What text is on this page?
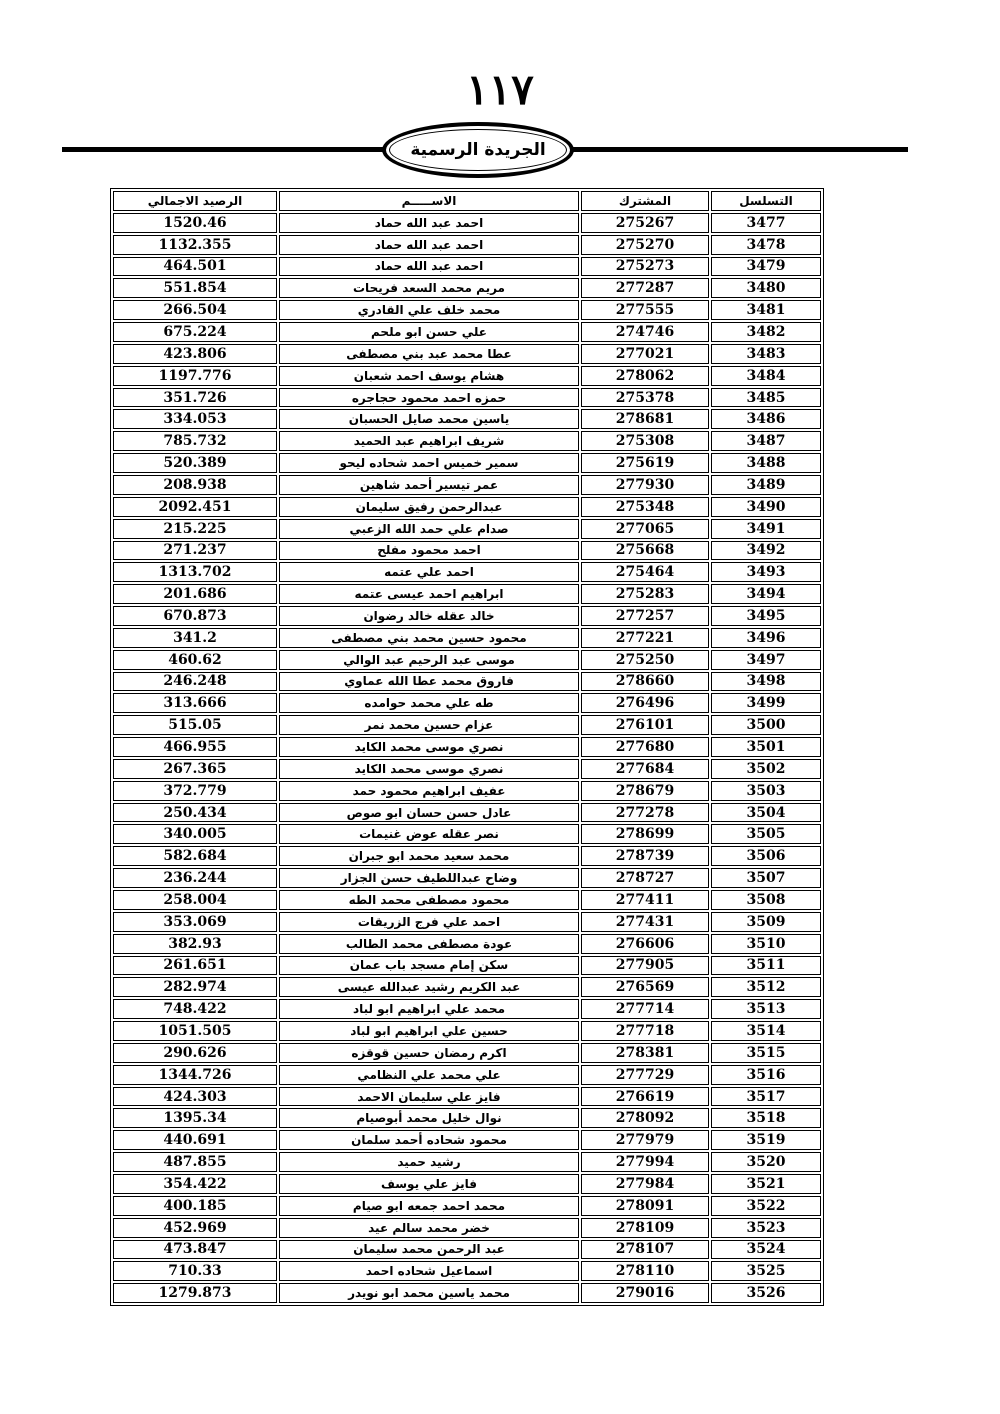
١١٧
الجريدة الرسمية
الرصيد الاجمالي	الاســـــم	المشترك	التسلسل
1520.46	احمد عبد الله حماد	275267	3477
1132.355	احمد عبد الله حماد	275270	3478
464.501	احمد عبد الله حماد	275273	3479
551.854	مريم محمد السعد فريحات	277287	3480
266.504	محمد خلف علي القادري	277555	3481
675.224	علي حسن ابو ملحم	274746	3482
423.806	عطا محمد عبد بني مصطفى	277021	3483
1197.776	هشام يوسف احمد شعبان	278062	3484
351.726	حمزه احمد محمود حجاجره	275378	3485
334.053	ياسين محمد صايل الحسبان	278681	3486
785.732	شريف ابراهيم عبد الحميد	275308	3487
520.389	سمير خميس احمد شحاده ليحو	275619	3488
208.938	عمر تيسير أحمد شاهين	277930	3489
2092.451	عبدالرحمن رفيق سليمان	275348	3490
215.225	صدام علي حمد الله الزعبي	277065	3491
271.237	احمد محمود مفلح	275668	3492
1313.702	احمد علي عتمه	275464	3493
201.686	ابراهيم احمد عيسى عتمه	275283	3494
670.873	خالد عقله خالد رضوان	277257	3495
341.2	محمود حسين محمد بني مصطفى	277221	3496
460.62	موسى عبد الرحيم عبد الوالي	275250	3497
246.248	فاروق محمد عطا الله عماوي	278660	3498
313.666	طه علي محمد حوامده	276496	3499
515.05	عزام حسين محمد نمر	276101	3500
466.955	نصري موسى محمد الكايد	277680	3501
267.365	نصري موسى محمد الكايد	277684	3502
372.779	عفيف ابراهيم محمود حمد	278679	3503
250.434	عادل حسن حسان ابو صوص	277278	3504
340.005	نصر عقله عوض غنيمات	278699	3505
582.684	محمد سعيد محمد ابو جبران	278739	3506
236.244	وضاح عبداللطيف حسن الجزار	278727	3507
258.004	محمود مصطفى محمد الطه	277411	3508
353.069	احمد علي فرج الزريقات	277431	3509
382.93	عودة مصطفى محمد الطالب	276606	3510
261.651	سكن إمام مسجد باب عمان	277905	3511
282.974	عبد الكريم رشيد عبدالله عيسى	276569	3512
748.422	محمد علي ابراهيم ابو لباد	277714	3513
1051.505	حسين علي ابراهيم ابو لباد	277718	3514
290.626	اكرم رمضان حسين قوقزه	278381	3515
1344.726	علي محمد علي النظامي	277729	3516
424.303	فايز علي سليمان الاحمد	276619	3517
1395.34	نوال خليل محمد أبوصيام	278092	3518
440.691	محمود شحاده أحمد سلمان	277979	3519
487.855	رشيد حميد	277994	3520
354.422	فايز علي يوسف	277984	3521
400.185	محمد احمد جمعه ابو صيام	278091	3522
452.969	خضر محمد سالم عيد	278109	3523
473.847	عبد الرحمن محمد سليمان	278107	3524
710.33	اسماعيل شحاده احمد	278110	3525
1279.873	محمد ياسين محمد ابو نويدر	279016	3526
